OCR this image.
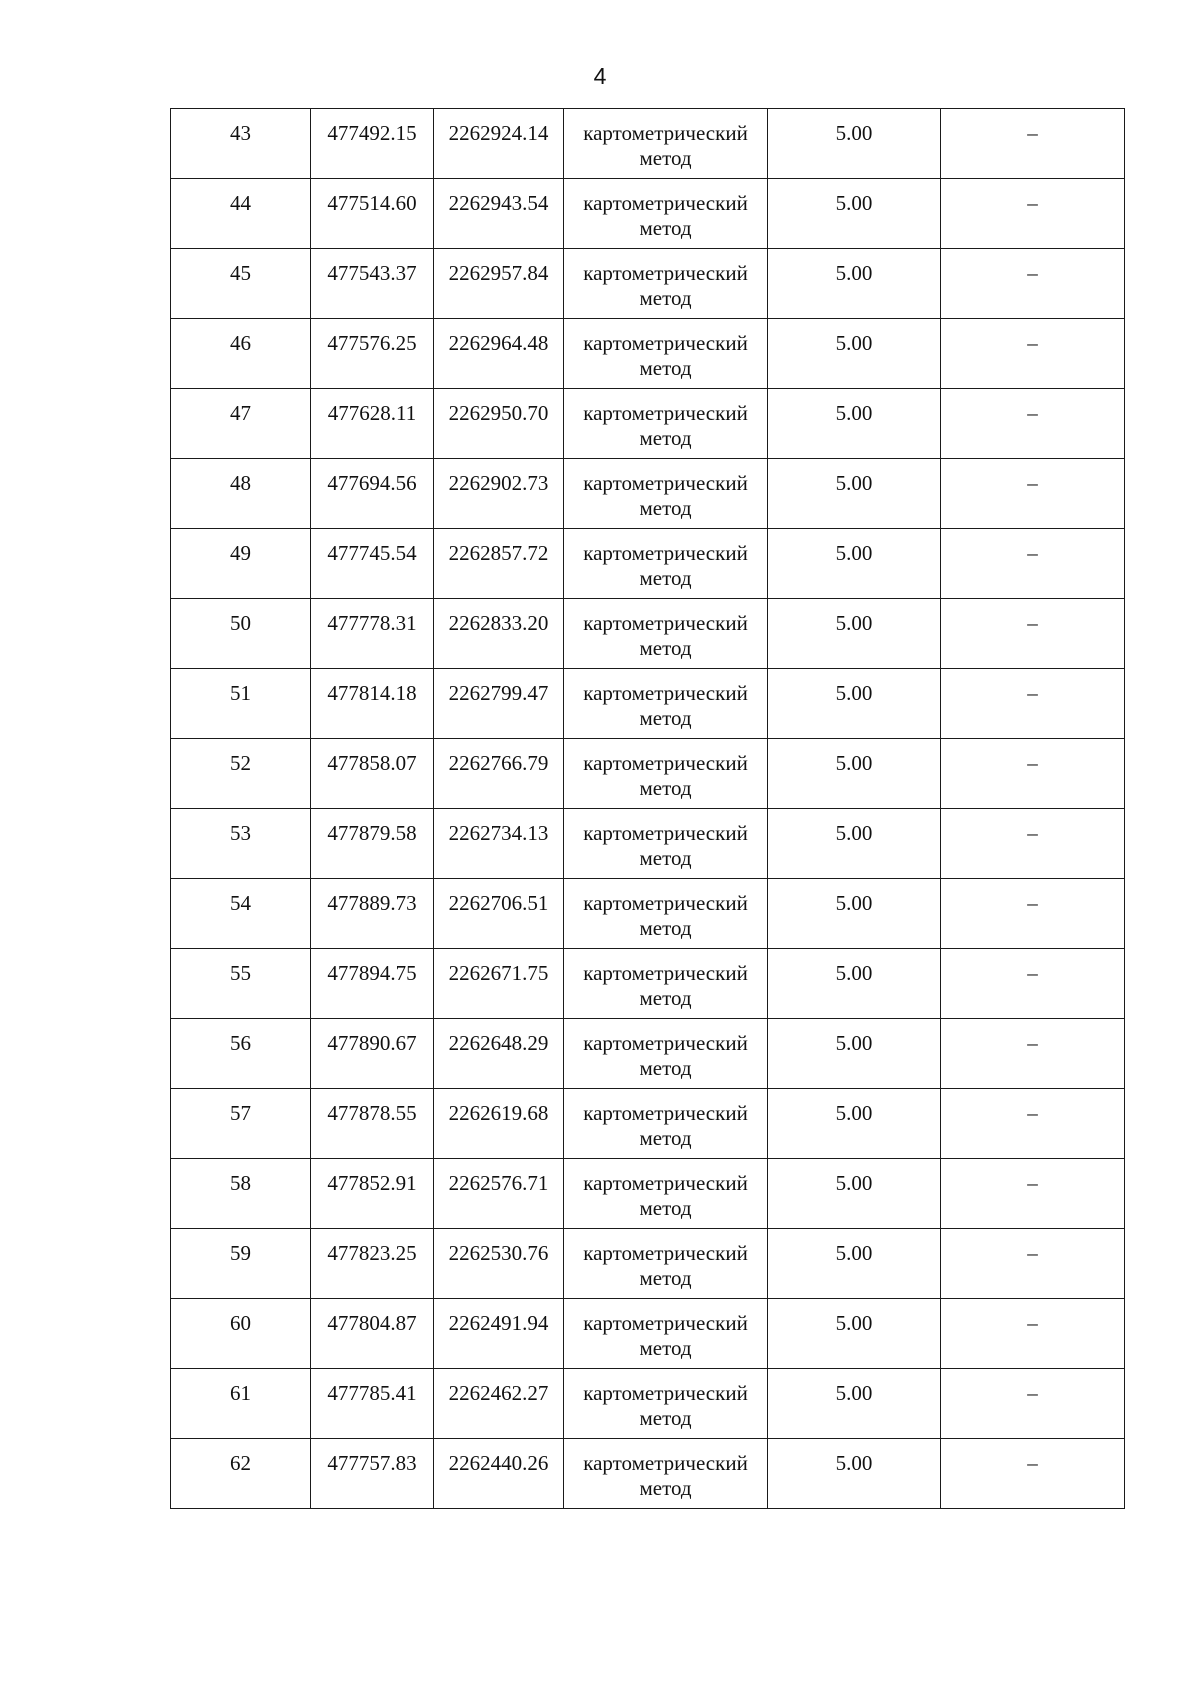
4
43	477492.15	2262924.14	картометрический метод	5.00	–
44	477514.60	2262943.54	картометрический метод	5.00	–
45	477543.37	2262957.84	картометрический метод	5.00	–
46	477576.25	2262964.48	картометрический метод	5.00	–
47	477628.11	2262950.70	картометрический метод	5.00	–
48	477694.56	2262902.73	картометрический метод	5.00	–
49	477745.54	2262857.72	картометрический метод	5.00	–
50	477778.31	2262833.20	картометрический метод	5.00	–
51	477814.18	2262799.47	картометрический метод	5.00	–
52	477858.07	2262766.79	картометрический метод	5.00	–
53	477879.58	2262734.13	картометрический метод	5.00	–
54	477889.73	2262706.51	картометрический метод	5.00	–
55	477894.75	2262671.75	картометрический метод	5.00	–
56	477890.67	2262648.29	картометрический метод	5.00	–
57	477878.55	2262619.68	картометрический метод	5.00	–
58	477852.91	2262576.71	картометрический метод	5.00	–
59	477823.25	2262530.76	картометрический метод	5.00	–
60	477804.87	2262491.94	картометрический метод	5.00	–
61	477785.41	2262462.27	картометрический метод	5.00	–
62	477757.83	2262440.26	картометрический метод	5.00	–
